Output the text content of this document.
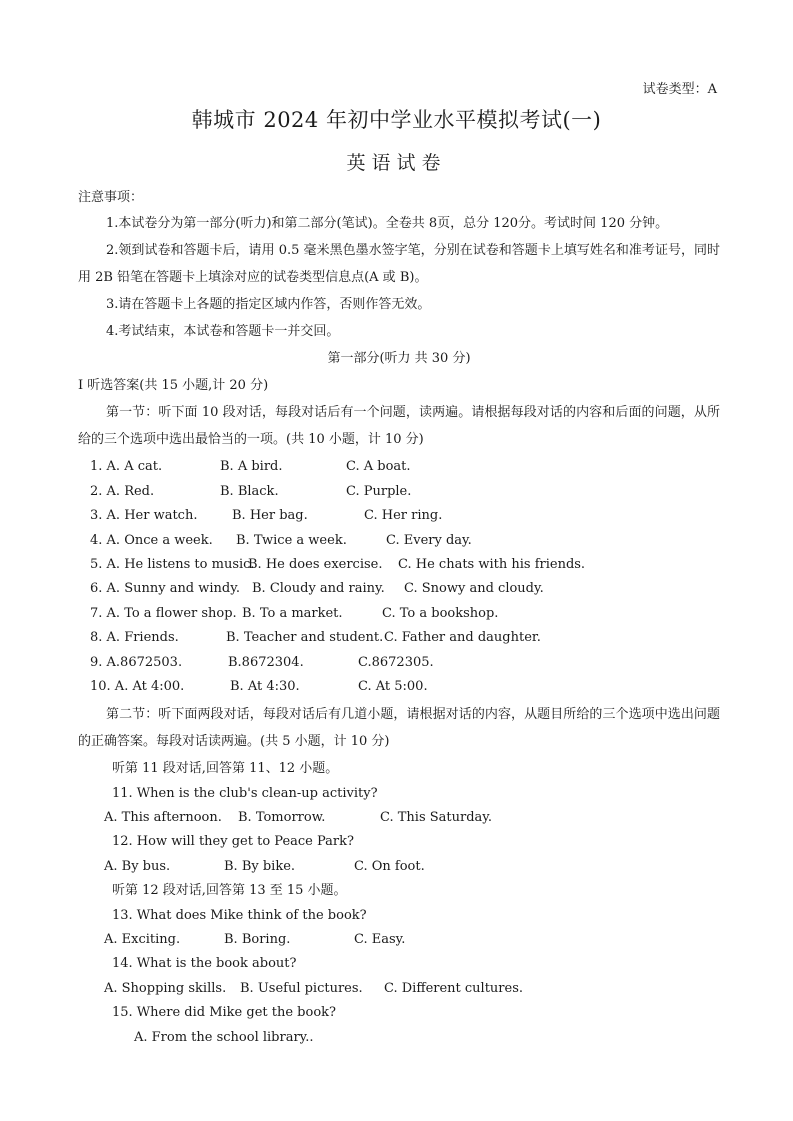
试卷类型：A
韩城市 2024 年初中学业水平模拟考试(一)
英语试卷
注意事项：
1.本试卷分为第一部分(听力)和第二部分(笔试)。全卷共 8页，总分 120分。考试时间 120 分钟。
2.领到试卷和答题卡后，请用 0.5 毫米黑色墨水签字笔，分别在试卷和答题卡上填写姓名和准考证号，同时用 2B 铅笔在答题卡上填涂对应的试卷类型信息点(A 或 B)。
3.请在答题卡上各题的指定区域内作答，否则作答无效。
4.考试结束，本试卷和答题卡一并交回。
第一部分(听力 共 30 分)
Ⅰ 听选答案(共 15 小题,计 20 分)
第一节：听下面 10 段对话，每段对话后有一个问题，读两遍。请根据每段对话的内容和后面的问题，从所给的三个选项中选出最恰当的一项。(共 10 小题，计 10 分)
1. A. A cat.	B. A bird.	C. A boat.
2. A. Red.	B. Black.	C. Purple.
3. A. Her watch.	B. Her bag.	C. Her ring.
4. A. Once a week.	B. Twice a week.	C. Every day.
5. A. He listens to music.
B. He does exercise.	C. He chats with his friends.
6. A. Sunny and windy. B. Cloudy and rainy.	C. Snowy and cloudy.
7. A. To a flower shop. B. To a market.	C. To a bookshop.
8. A. Friends.	B. Teacher and student. C. Father and daughter.
9. A.8672503.	B.8672304.	C.8672305.
10. A. At 4:00.	B. At 4:30.	C. At 5:00.
第二节：听下面两段对话，每段对话后有几道小题，请根据对话的内容，从题目所给的三个选项中选出问题的正确答案。每段对话读两遍。(共 5 小题，计 10 分)
听第 11 段对话,回答第 11、12 小题。
11. When is the club's clean-up activity?
A. This afternoon.	B. Tomorrow.	C. This Saturday.
12. How will they get to Peace Park?
A. By bus.	B. By bike.	C. On foot.
听第 12 段对话,回答第 13 至 15 小题。
13. What does Mike think of the book?
A. Exciting.	B. Boring.	C. Easy.
14. What is the book about?
A. Shopping skills.	B. Useful pictures.	C. Different cultures.
15. Where did Mike get the book?
A. From the school library..
